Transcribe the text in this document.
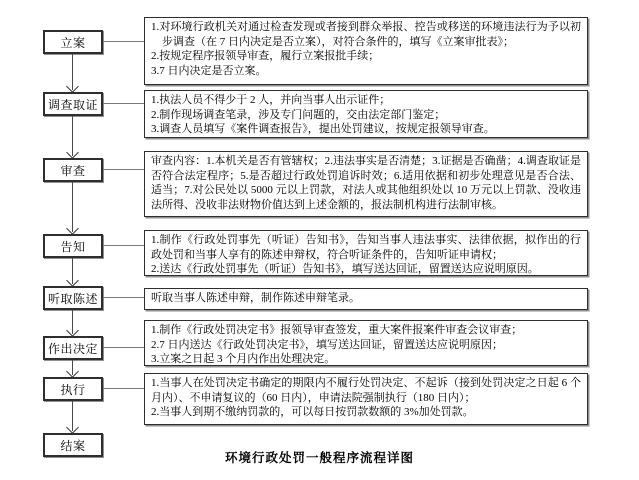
立案
调查取证
审查
告知
听取陈述
作出决定
执行
结案

1.对环境行政机关对通过检查发现或者接到群众举报、控告或移送的环境违法行为予以初步调查（在 7 日内决定是否立案），对符合条件的，填写《立案审批表》；

2.按规定程序报领导审查，履行立案报批手续；

3.7 日内决定是否立案。

1.执法人员不得少于 2 人，并向当事人出示证件；

2.制作现场调查笔录，涉及专门问题的，交由法定部门鉴定；

3.调查人员填写《案件调查报告》，提出处罚建议，按规定报领导审查。

审查内容：1.本机关是否有管辖权；2.违法事实是否清楚；3.证据是否确凿；4.调查取证是否符合法定程序；5.是否超过行政处罚追诉时效；6.适用依据和初步处理意见是否合法、适当；7.对公民处以 5000 元以上罚款，对法人或其他组织处以 10 万元以上罚款、没收违法所得、没收非法财物价值达到上述金额的，报法制机构进行法制审核。

1.制作《行政处罚事先（听证）告知书》，告知当事人违法事实、法律依据，拟作出的行政处罚和当事人享有的陈述申辩权，符合听证条件的，告知听证申请权；

2.送达《行政处罚事先（听证）告知书》，填写送达回证，留置送达应说明原因。

听取当事人陈述申辩，制作陈述申辩笔录。

1.制作《行政处罚决定书》报领导审查签发，重大案件报案件审查会议审查；

2.7 日内送达《行政处罚决定书》，填写送达回证，留置送达应说明原因；

3.立案之日起 3 个月内作出处理决定。

1.当事人在处罚决定书确定的期限内不履行处罚决定、不起诉（接到处罚决定之日起 6 个月内）、不申请复议的（60 日内），申请法院强制执行（180 日内）；

2.当事人到期不缴纳罚款的，可以每日按罚款数额的 3%加处罚款。

环境行政处罚一般程序流程详图
